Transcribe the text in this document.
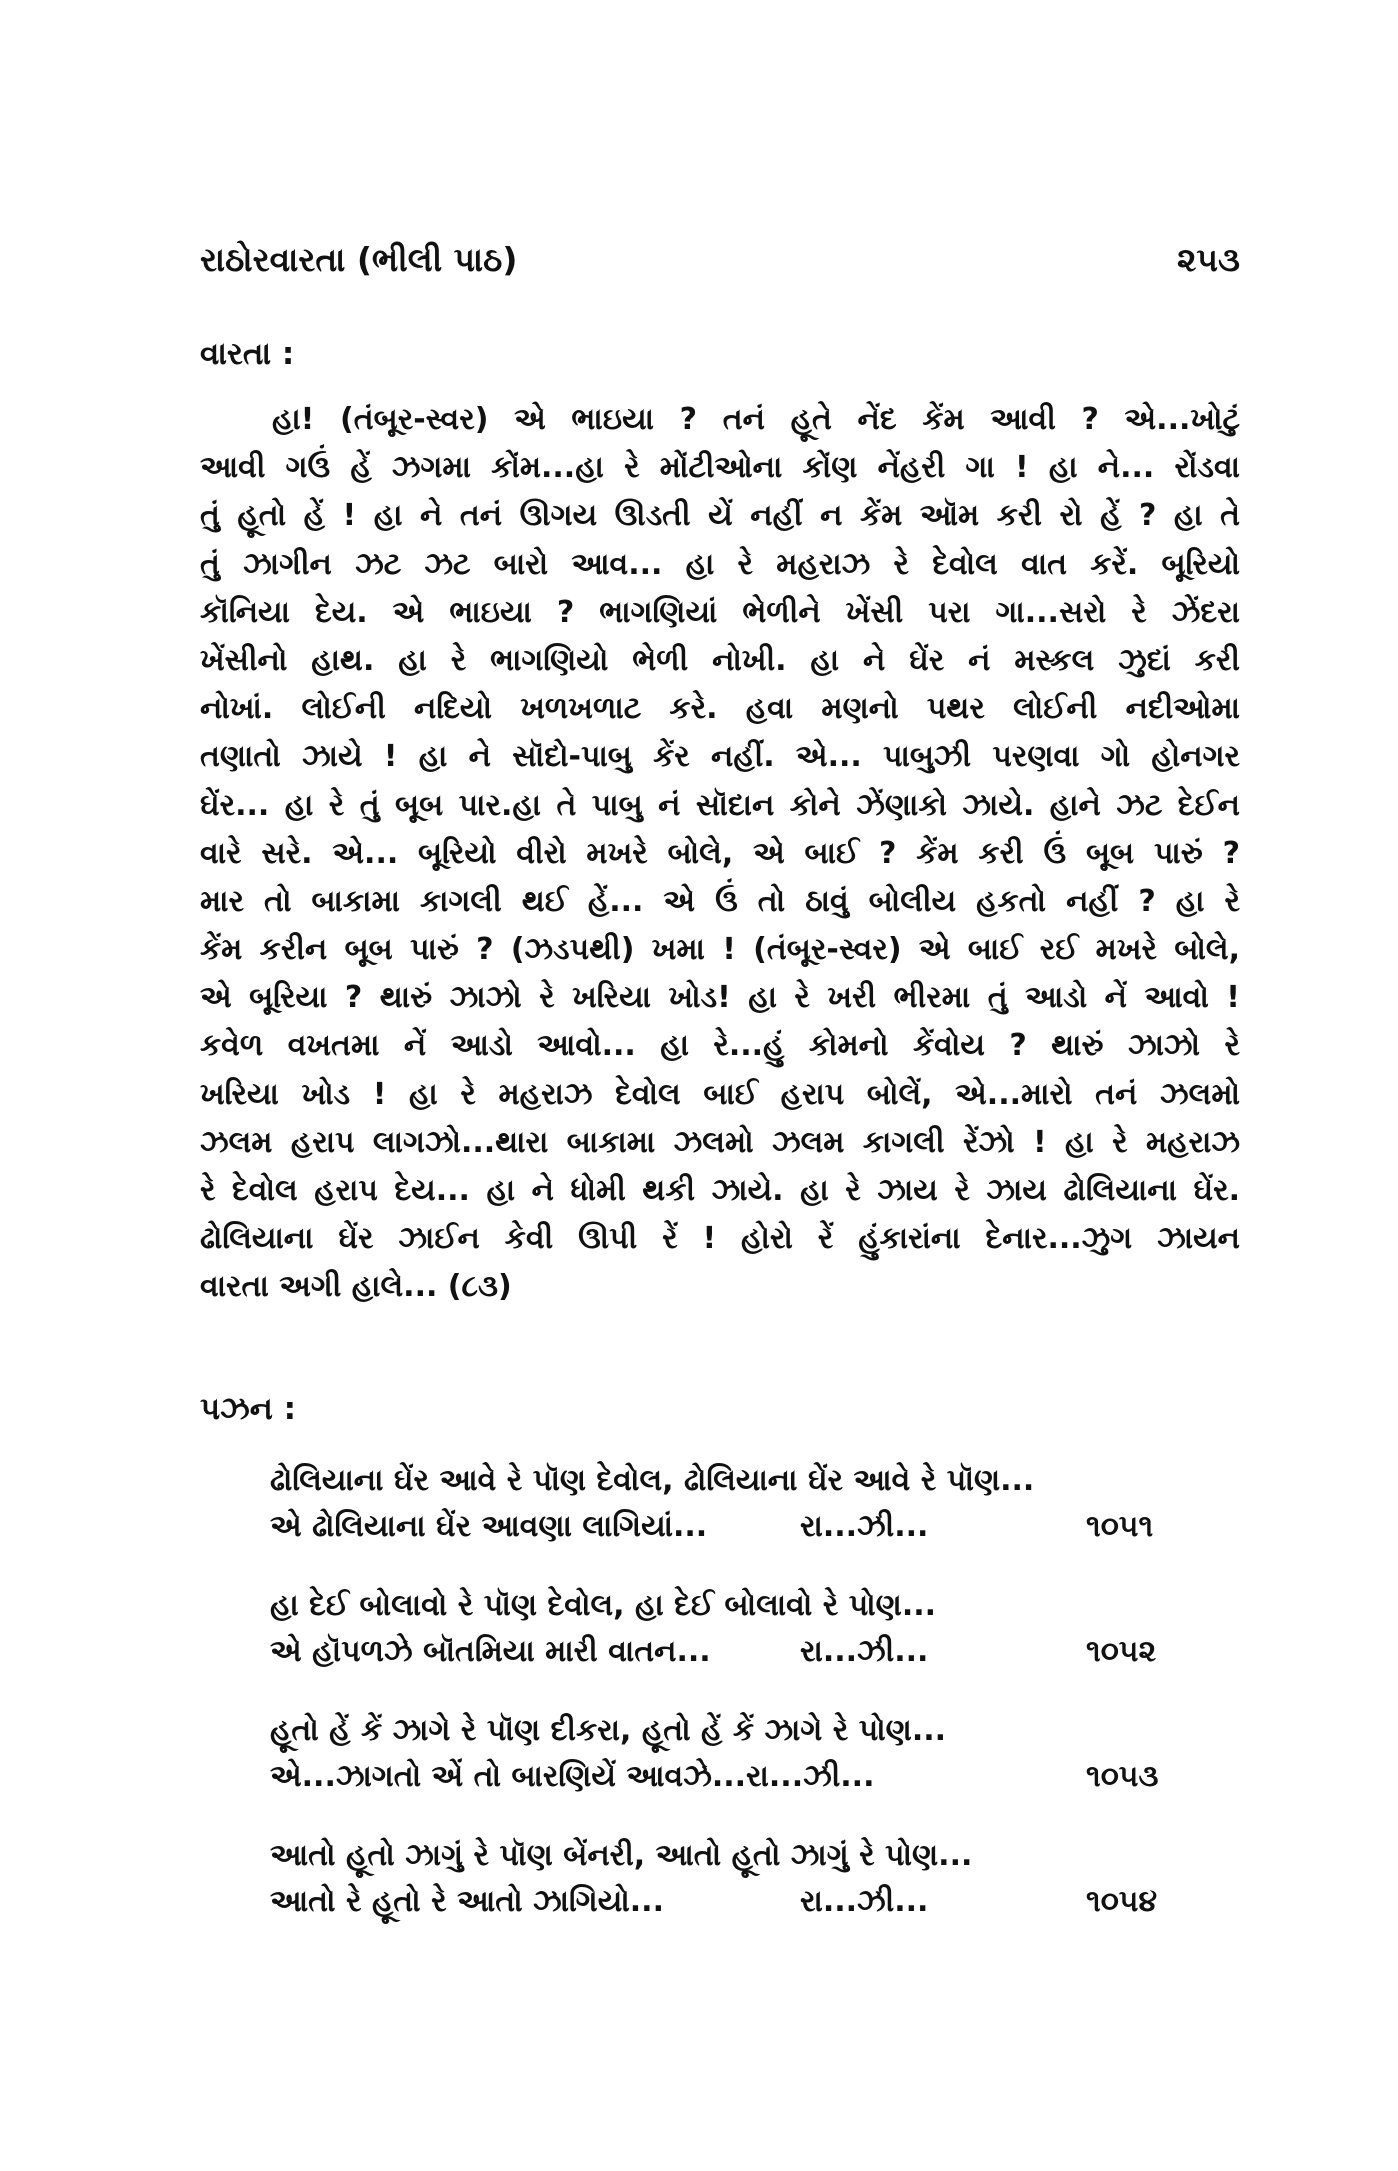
રાઠોરવારતા (ભીલી પાઠ)	૨૫૩
વારતા :
હા! (તંબૂર-સ્વર) એ ભાઇયા ? તનં હૂતે નેંદ કેંમ આવી ? એ...ખોટું
આવી ગઉં હેં ઝગમા કોંમ...હા રે મોંટીઓના કોંણ નેંહરી ગા ! હા ને... રોંડવા
તું હૂતો હેં ! હા ને તનં ઊગય ઊડતી યેં નહીં ન કેંમ ઑમ કરી રો હેં ? હા તે
તું ઝાગીન ઝટ ઝટ બારો આવ... હા રે મહરાઝ રે દેવોલ વાત કરેં. બૂરિયો
કૉનિયા દેય. એ ભાઇયા ? ભાગણિયાં ભેળીને ખેંસી પરા ગા...સરો રે ઝેંદરા
ખેંસીનો હાથ. હા રે ભાગણિયો ભેળી નોખી. હા ને ઘેંર નં મસ્કલ ઝુદાં કરી
નોખાં. લોઈની નદિયો ખળખળાટ કરે. હવા મણનો પથર લોઈની નદીઓમા
તણાતો ઝાયે ! હા ને સૉદો-પાબુ કેંર નહીં. એ... પાબુઝી પરણવા ગો હોનગર
ઘેંર... હા રે તું બૂબ પાર.હા તે પાબુ નં સૉદાન કોને ઝેંણાકો ઝાયે. હાને ઝટ દેઈન
વારે સરે. એ... બૂરિયો વીરો મખરે બોલે, એ બાઈ ? કેંમ કરી ઉં બૂબ પારું ?
માર તો બાકામા કાગલી થઈ હેં... એ ઉં તો ઠાવું બોલીય હકતો નહીં ? હા રે
કેંમ કરીન બૂબ પારું ? (ઝડપથી) ખમા ! (તંબૂર-સ્વર) એ બાઈ રઈ મખરે બોલે,
એ બૂરિયા ? થારું ઝાઝો રે ખરિયા ખોડ! હા રે ખરી ભીરમા તું આડો નેં આવો !
કવેળ વખતમા નેં આડો આવો... હા રે...હું કોમનો કેંવોય ? થારું ઝાઝો રે
ખરિયા ખોડ ! હા રે મહરાઝ દેવોલ બાઈ હરાપ બોલેં, એ...મારો તનં ઝલમો
ઝલમ હરાપ લાગઝો...થારા બાકામા ઝલમો ઝલમ કાગલી રેંઝો ! હા રે મહરાઝ
રે દેવોલ હરાપ દેય... હા ને ધોમી થકી ઝાયે. હા રે ઝાય રે ઝાય ઢોલિયાના ઘેંર.
ઢોલિયાના ઘેંર ઝાઈન કેવી ઊપી રેં ! હોરો રેં હુંકારાંના દેનાર...ઝુગ ઝાયન
વારતા અગી હાલે... (૮૩)
પઝન :
ઢોલિયાના ઘેંર આવે રે પૉણ દેવોલ, ઢોલિયાના ઘેંર આવે રે પૉણ...
એ ઢોલિયાના ઘેંર આવણા લાગિયાં...	રા...ઝી...	૧૦૫૧
હા દેઈ બોલાવો રે પૉણ દેવોલ, હા દેઈ બોલાવો રે પોણ...
એ હૉપળઝે બૉતમિયા મારી વાતન...	રા...ઝી...	૧૦૫૨
હૂતો હેં કેં ઝાગે રે પૉણ દીકરા, હૂતો હેં કેં ઝાગે રે પોણ...
એ...ઝાગતો એં તો બારણિયેં આવઝે...રા...ઝી...	૧૦૫૩
આતો હૂતો ઝાગું રે પૉણ બેંનરી, આતો હૂતો ઝાગું રે પોણ...
આતો રે હૂતો રે આતો ઝાગિયો...	રા...ઝી...	૧૦૫૪
